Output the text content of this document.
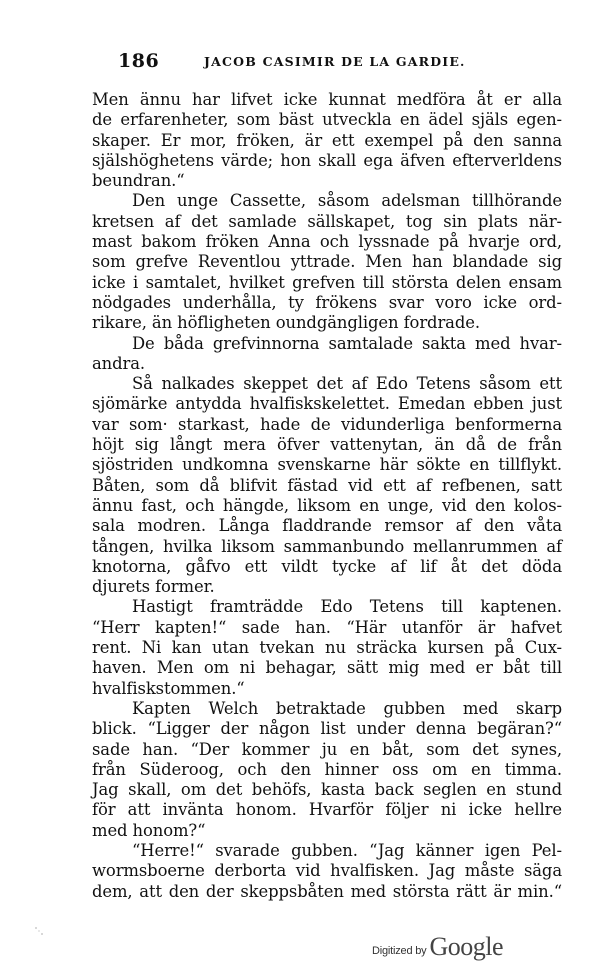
186	JACOB CASIMIR DE LA GARDIE.
Men ännu har lifvet icke kunnat medföra åt er alla
de erfarenheter, som bäst utveckla en ädel själs egen-
skaper. Er mor, fröken, är ett exempel på den sanna
själshöghetens värde; hon skall ega äfven efterverldens
beundran.“
Den unge Cassette, såsom adelsman tillhörande
kretsen af det samlade sällskapet, tog sin plats när-
mast bakom fröken Anna och lyssnade på hvarje ord,
som grefve Reventlou yttrade. Men han blandade sig
icke i samtalet, hvilket grefven till största delen ensam
nödgades underhålla, ty frökens svar voro icke ord-
rikare, än höfligheten oundgängligen fordrade.
De båda grefvinnorna samtalade sakta med hvar-
andra.
Så nalkades skeppet det af Edo Tetens såsom ett
sjömärke antydda hvalfiskskelettet. Emedan ebben just
var som· starkast, hade de vidunderliga benformerna
höjt sig långt mera öfver vattenytan, än då de från
sjöstriden undkomna svenskarne här sökte en tillflykt.
Båten, som då blifvit fästad vid ett af refbenen, satt
ännu fast, och hängde, liksom en unge, vid den kolos-
sala modren. Långa fladdrande remsor af den våta
tången, hvilka liksom sammanbundo mellanrummen af
knotorna, gåfvo ett vildt tycke af lif åt det döda
djurets former.
Hastigt framträdde Edo Tetens till kaptenen.
“Herr kapten!“ sade han. “Här utanför är hafvet
rent. Ni kan utan tvekan nu sträcka kursen på Cux-
haven. Men om ni behagar, sätt mig med er båt till
hvalfiskstommen.“
Kapten Welch betraktade gubben med skarp
blick. “Ligger der någon list under denna begäran?“
sade han. “Der kommer ju en båt, som det synes,
från Süderoog, och den hinner oss om en timma.
Jag skall, om det behöfs, kasta back seglen en stund
för att invänta honom. Hvarför följer ni icke hellre
med honom?“
“Herre!“ svarade gubben. “Jag känner igen Pel-
wormsboerne derborta vid hvalfisken. Jag måste säga
dem, att den der skeppsbåten med största rätt är min.“
Digitized by Google
